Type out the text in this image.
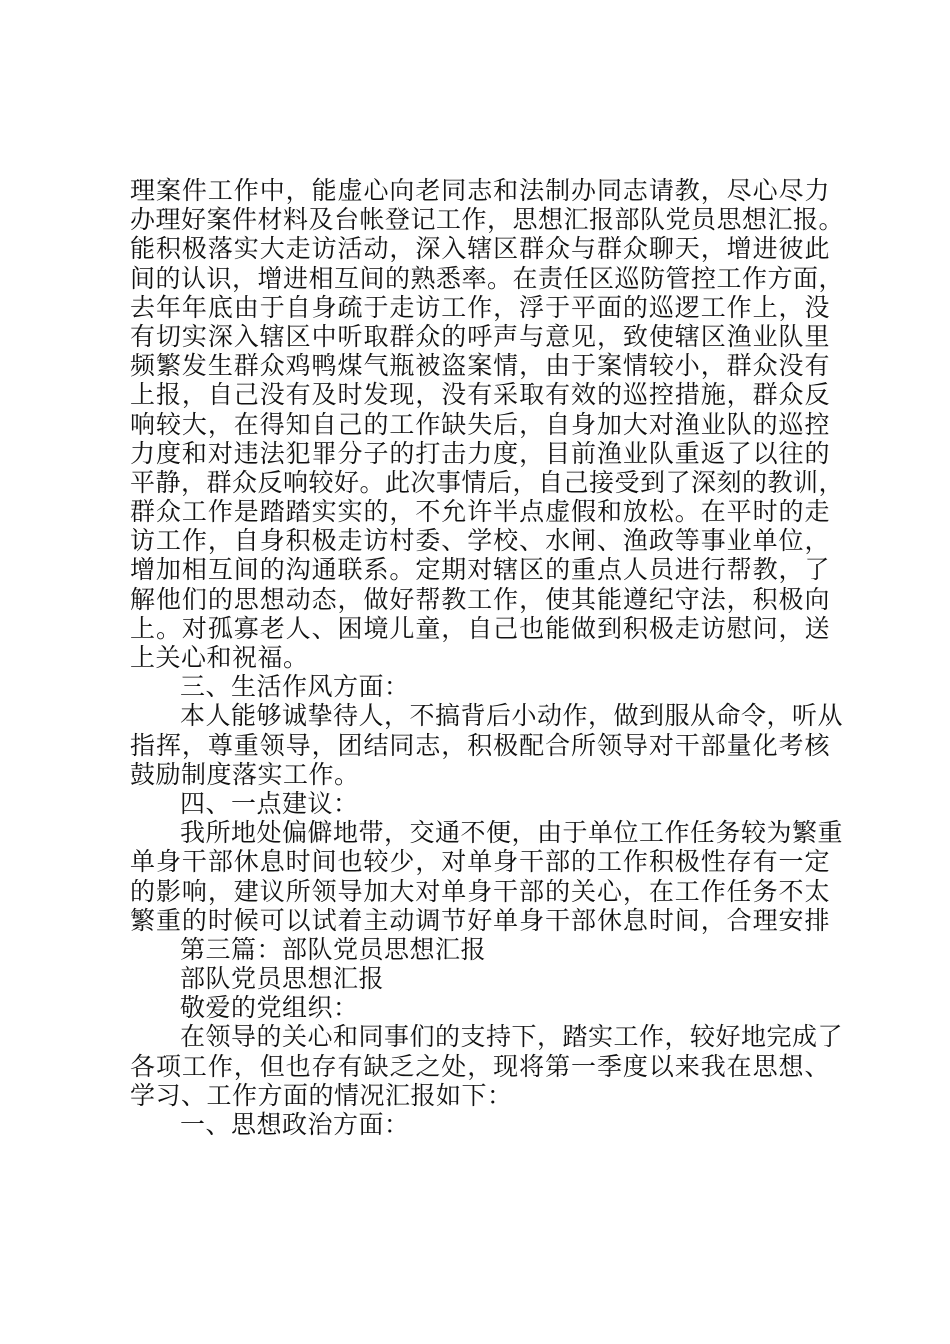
理案件工作中，能虚心向老同志和法制办同志请教，尽心尽力
办理好案件材料及台帐登记工作，思想汇报部队党员思想汇报。
能积极落实大走访活动，深入辖区群众与群众聊天，增进彼此
间的认识，增进相互间的熟悉率。在责任区巡防管控工作方面，
去年年底由于自身疏于走访工作，浮于平面的巡逻工作上，没
有切实深入辖区中听取群众的呼声与意见，致使辖区渔业队里
频繁发生群众鸡鸭煤气瓶被盗案情，由于案情较小，群众没有
上报，自己没有及时发现，没有采取有效的巡控措施，群众反
响较大，在得知自己的工作缺失后，自身加大对渔业队的巡控
力度和对违法犯罪分子的打击力度，目前渔业队重返了以往的
平静，群众反响较好。此次事情后，自己接受到了深刻的教训，
群众工作是踏踏实实的，不允许半点虚假和放松。在平时的走
访工作，自身积极走访村委、学校、水闸、渔政等事业单位，
增加相互间的沟通联系。定期对辖区的重点人员进行帮教，了
解他们的思想动态，做好帮教工作，使其能遵纪守法，积极向
上。对孤寡老人、困境儿童，自己也能做到积极走访慰问，送
上关心和祝福。
三、生活作风方面：
本人能够诚挚待人，不搞背后小动作，做到服从命令，听从
指挥，尊重领导，团结同志，积极配合所领导对干部量化考核
鼓励制度落实工作。
四、一点建议：
我所地处偏僻地带，交通不便，由于单位工作任务较为繁重
单身干部休息时间也较少，对单身干部的工作积极性存有一定
的影响，建议所领导加大对单身干部的关心，在工作任务不太
繁重的时候可以试着主动调节好单身干部休息时间，合理安排
第三篇：部队党员思想汇报
部队党员思想汇报
敬爱的党组织：
在领导的关心和同事们的支持下，踏实工作，较好地完成了
各项工作，但也存有缺乏之处，现将第一季度以来我在思想、
学习、工作方面的情况汇报如下：
一、思想政治方面：
